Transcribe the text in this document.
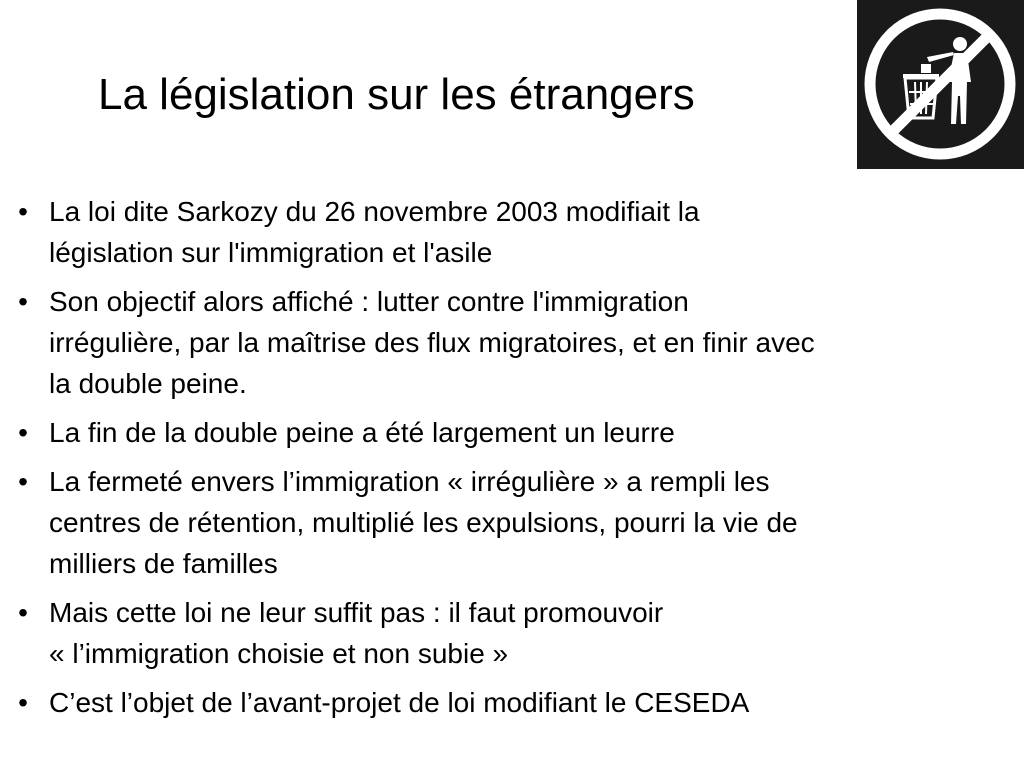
La législation sur les étrangers
• La loi dite Sarkozy du 26 novembre 2003 modifiait la
législation sur l'immigration et l'asile
• Son objectif alors affiché : lutter contre l'immigration
irrégulière, par la maîtrise des flux migratoires, et en finir avec
la double peine.
• La fin de la double peine a été largement un leurre
• La fermeté envers l’immigration « irrégulière » a rempli les
centres de rétention, multiplié les expulsions, pourri la vie de
milliers de familles
• Mais cette loi ne leur suffit pas : il faut promouvoir
« l’immigration choisie et non subie »
• C’est l’objet de l’avant-projet de loi modifiant le CESEDA
